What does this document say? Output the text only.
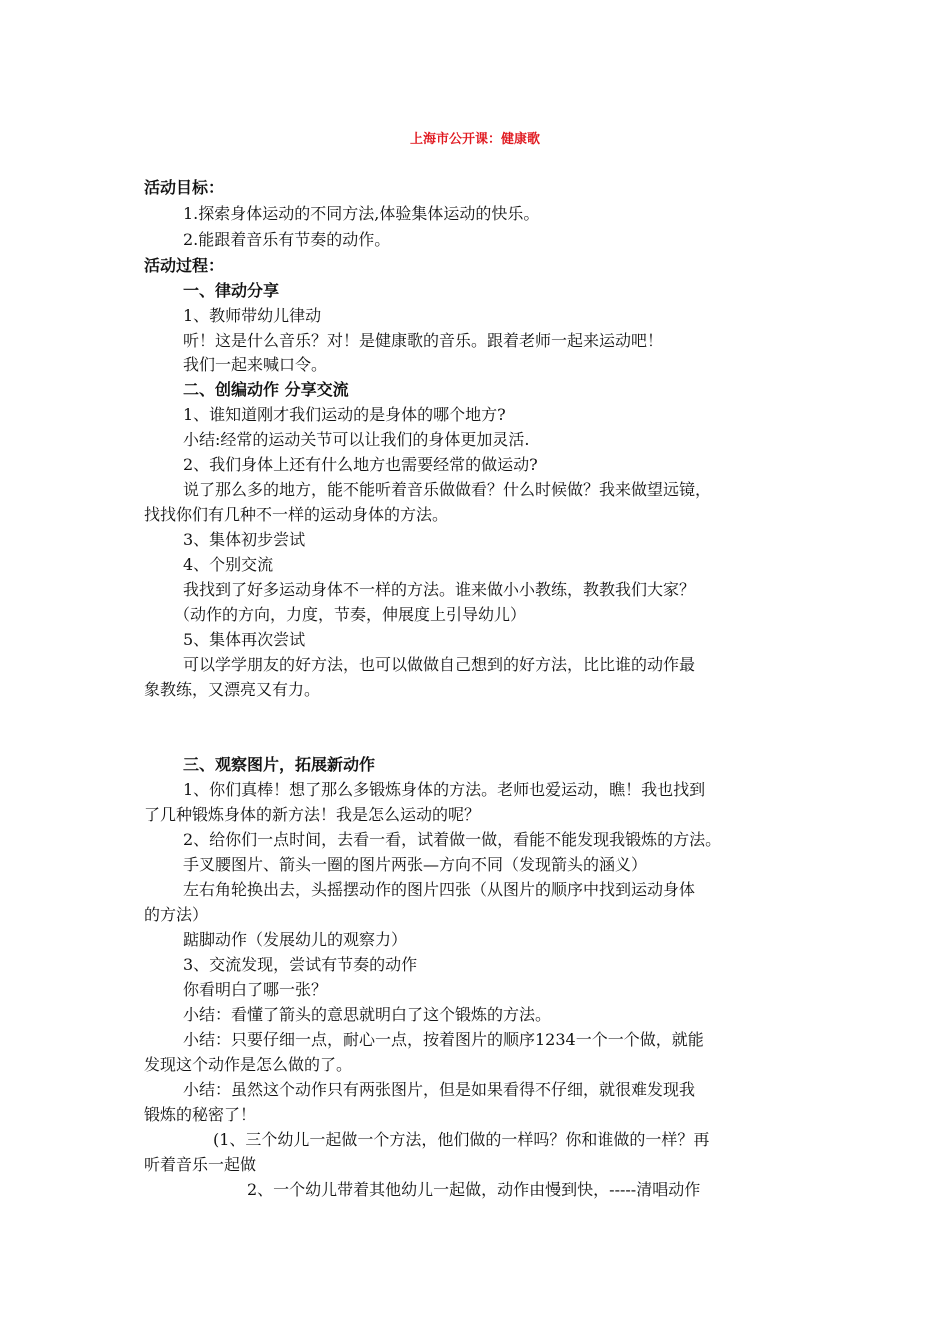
上海市公开课：健康歌
活动目标：
1.探索身体运动的不同方法,体验集体运动的快乐。
2.能跟着音乐有节奏的动作。
活动过程：
一、律动分享
1、教师带幼儿律动
听！这是什么音乐？对！是健康歌的音乐。跟着老师一起来运动吧！
我们一起来喊口令。
二、创编动作 分享交流
1、谁知道刚才我们运动的是身体的哪个地方?
小结:经常的运动关节可以让我们的身体更加灵活.
2、我们身体上还有什么地方也需要经常的做运动?
说了那么多的地方，能不能听着音乐做做看？什么时候做？我来做望远镜，
找找你们有几种不一样的运动身体的方法。
3、集体初步尝试
4、个别交流
我找到了好多运动身体不一样的方法。谁来做小小教练，教教我们大家？
（动作的方向，力度，节奏，伸展度上引导幼儿）
5、集体再次尝试
可以学学朋友的好方法，也可以做做自己想到的好方法，比比谁的动作最
象教练，又漂亮又有力。
三、观察图片，拓展新动作
1、你们真棒！想了那么多锻炼身体的方法。老师也爱运动，瞧！我也找到
了几种锻炼身体的新方法！我是怎么运动的呢？
2、给你们一点时间，去看一看，试着做一做，看能不能发现我锻炼的方法。
手叉腰图片、箭头一圈的图片两张—方向不同（发现箭头的涵义）
左右角轮换出去，头摇摆动作的图片四张（从图片的顺序中找到运动身体
的方法）
踮脚动作（发展幼儿的观察力）
3、交流发现，尝试有节奏的动作
你看明白了哪一张？
小结：看懂了箭头的意思就明白了这个锻炼的方法。
小结：只要仔细一点，耐心一点，按着图片的顺序1234一个一个做，就能
发现这个动作是怎么做的了。
小结：虽然这个动作只有两张图片，但是如果看得不仔细，就很难发现我
锻炼的秘密了！
(1、三个幼儿一起做一个方法，他们做的一样吗？你和谁做的一样？再
听着音乐一起做
2、一个幼儿带着其他幼儿一起做，动作由慢到快，-----清唱动作
